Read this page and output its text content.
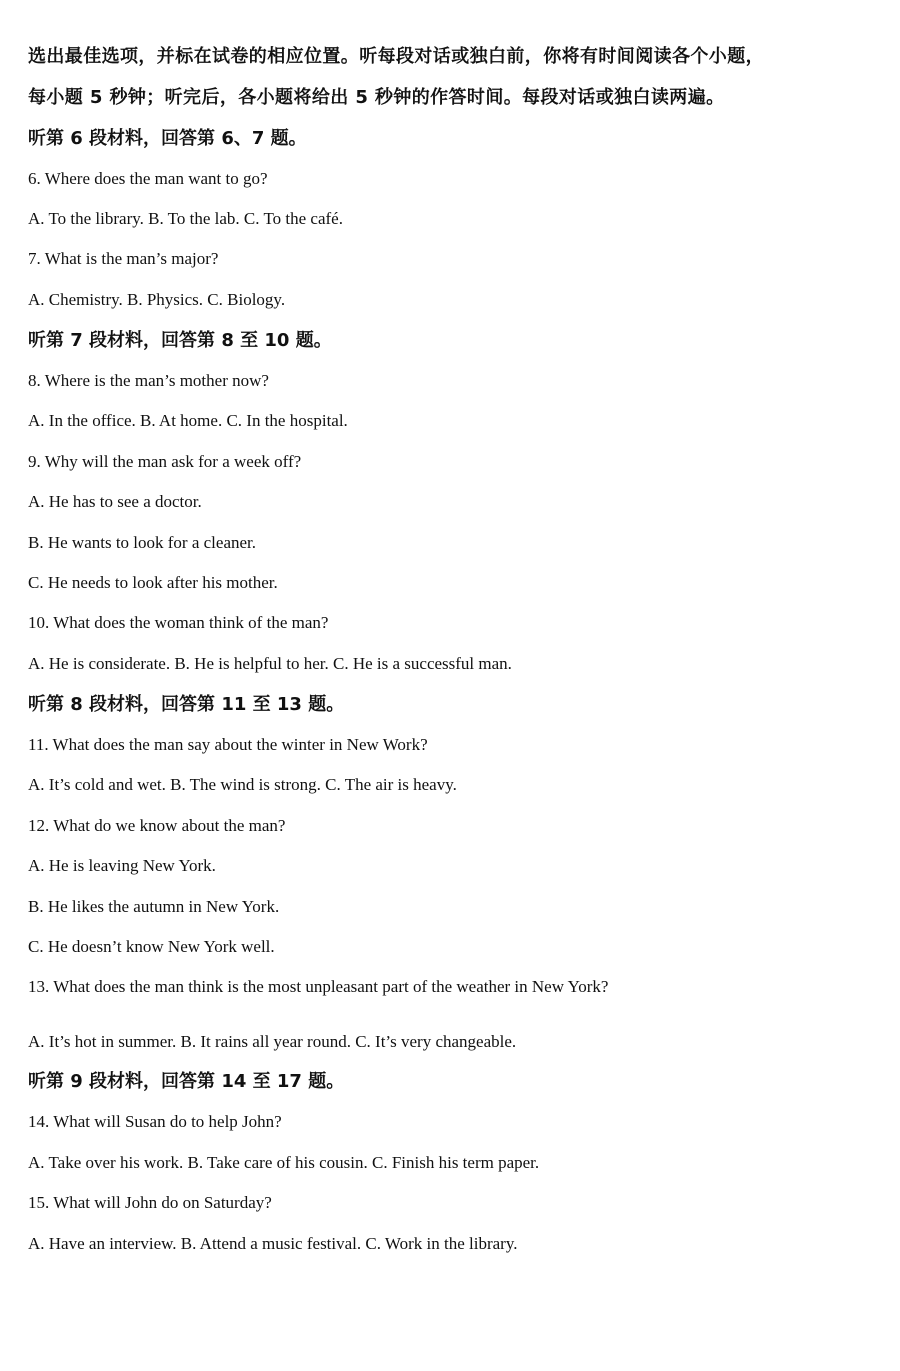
选出最佳选项，并标在试卷的相应位置。听每段对话或独白前，你将有时间阅读各个小题，
每小题 5 秒钟；听完后，各小题将给出 5 秒钟的作答时间。每段对话或独白读两遍。
听第 6 段材料，回答第 6、7 题。
6. Where does the man want to go?
A. To the library. B. To the lab. C. To the café.
7. What is the man’s major?
A. Chemistry. B. Physics. C. Biology.
听第 7 段材料，回答第 8 至 10 题。
8. Where is the man’s mother now?
A. In the office. B. At home. C. In the hospital.
9. Why will the man ask for a week off?
A. He has to see a doctor.
B. He wants to look for a cleaner.
C. He needs to look after his mother.
10. What does the woman think of the man?
A. He is considerate. B. He is helpful to her. C. He is a successful man.
听第 8 段材料，回答第 11 至 13 题。
11. What does the man say about the winter in New Work?
A. It’s cold and wet. B. The wind is strong. C. The air is heavy.
12. What do we know about the man?
A. He is leaving New York.
B. He likes the autumn in New York.
C. He doesn’t know New York well.
13. What does the man think is the most unpleasant part of the weather in New York?
A. It’s hot in summer. B. It rains all year round. C. It’s very changeable.
听第 9 段材料，回答第 14 至 17 题。
14. What will Susan do to help John?
A. Take over his work. B. Take care of his cousin. C. Finish his term paper.
15. What will John do on Saturday?
A. Have an interview. B. Attend a music festival. C. Work in the library.
